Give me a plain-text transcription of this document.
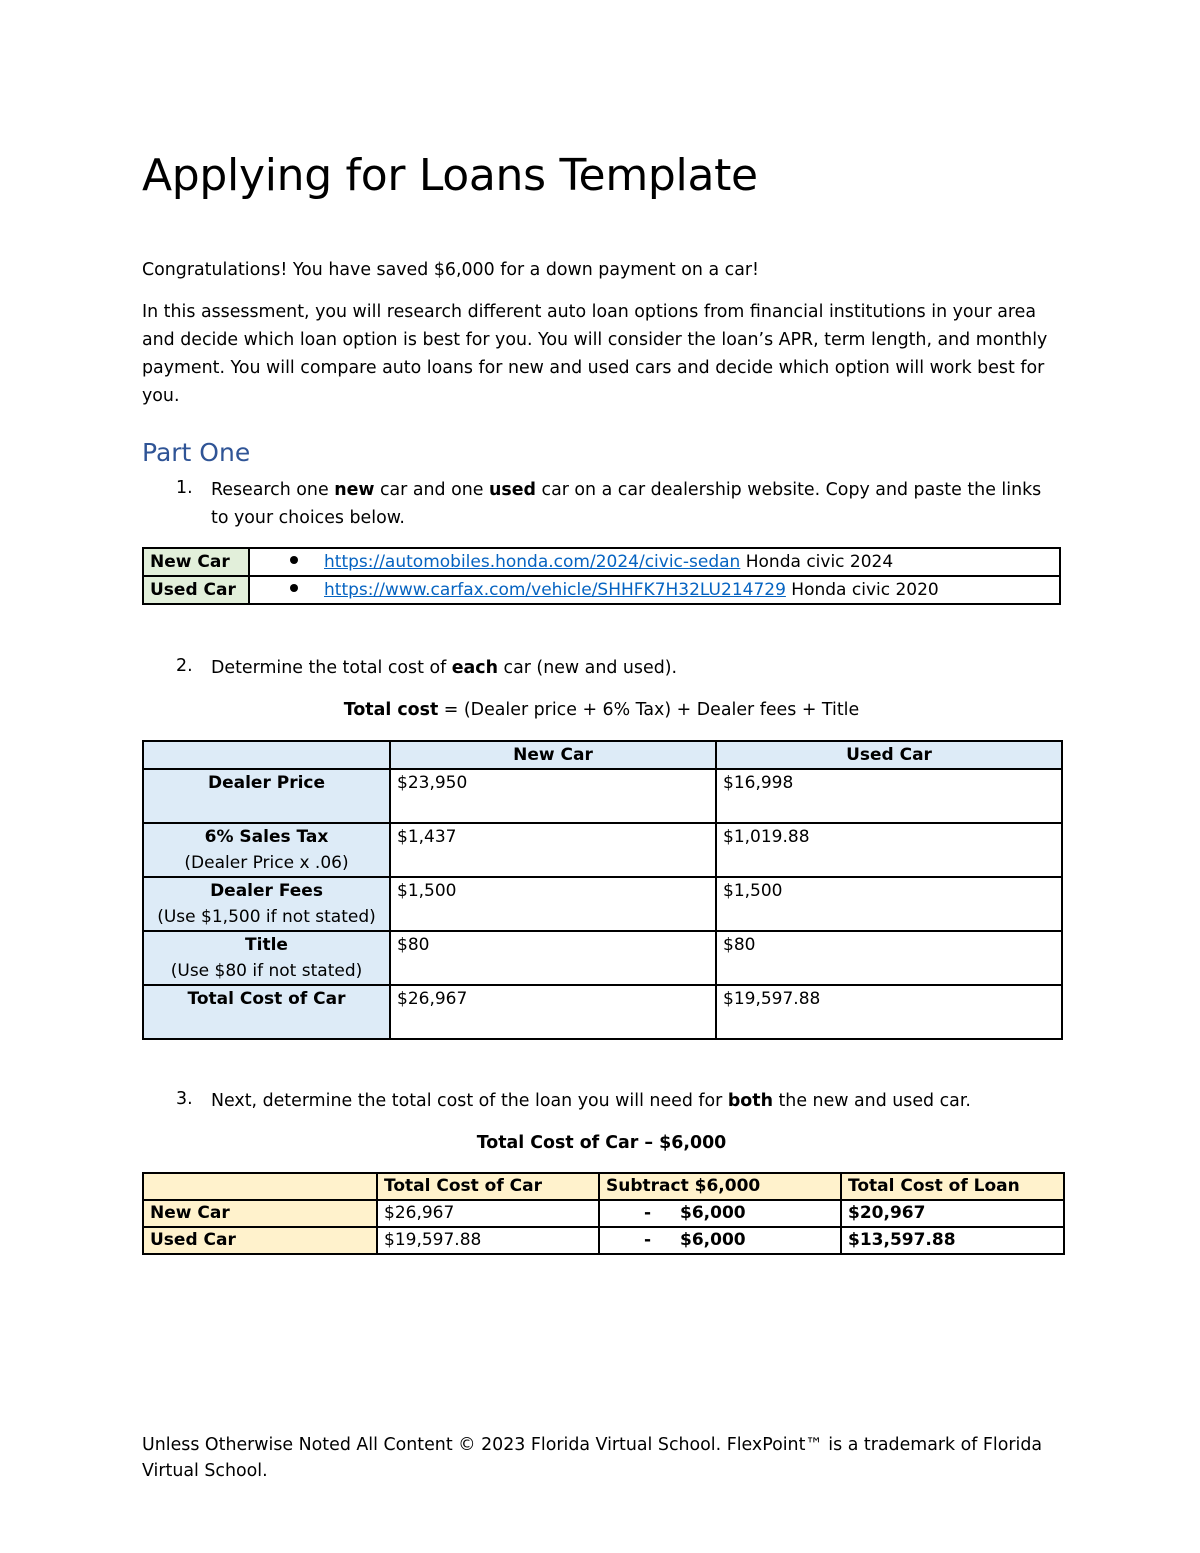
Applying for Loans Template
Congratulations! You have saved $6,000 for a down payment on a car!
In this assessment, you will research different auto loan options from financial institutions in your area and decide which loan option is best for you. You will consider the loan’s APR, term length, and monthly payment. You will compare auto loans for new and used cars and decide which option will work best for you.
Part One
1. Research one new car and one used car on a car dealership website. Copy and paste the links to your choices below.
New Car	https://automobiles.honda.com/2024/civic-sedan Honda civic 2024
Used Car	https://www.carfax.com/vehicle/SHHFK7H32LU214729 Honda civic 2020
2. Determine the total cost of each car (new and used).
Total cost = (Dealer price + 6% Tax) + Dealer fees + Title
	New Car	Used Car
Dealer Price	$23,950	$16,998
6% Sales Tax
(Dealer Price x .06)	$1,437	$1,019.88
Dealer Fees
(Use $1,500 if not stated)	$1,500	$1,500
Title
(Use $80 if not stated)	$80	$80
Total Cost of Car	$26,967	$19,597.88
3. Next, determine the total cost of the loan you will need for both the new and used car.
Total Cost of Car – $6,000
	Total Cost of Car	Subtract $6,000	Total Cost of Loan
New Car	$26,967	- $6,000	$20,967
Used Car	$19,597.88	- $6,000	$13,597.88
Unless Otherwise Noted All Content © 2023 Florida Virtual School. FlexPoint™ is a trademark of Florida Virtual School.
